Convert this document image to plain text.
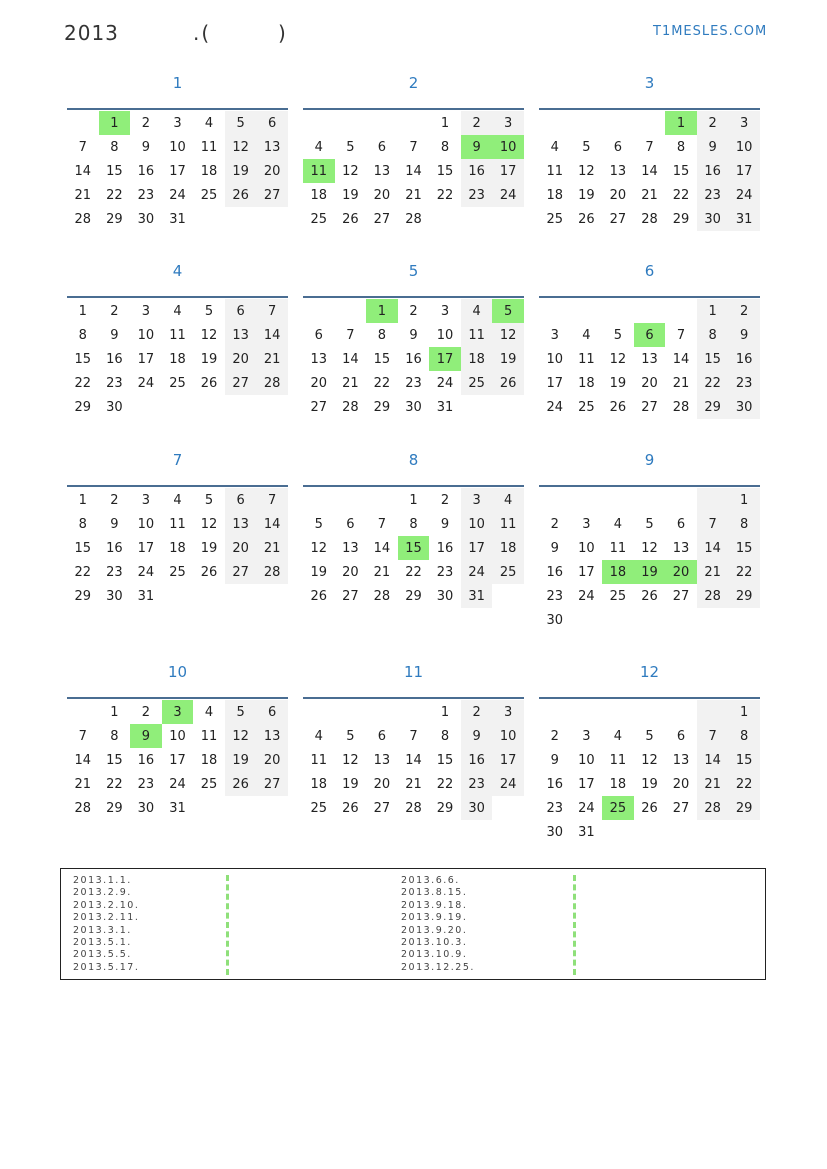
2013	.(        )	T1MESLES.COM
1
	1	2	3	4	5	6
7	8	9	10	11	12	13
14	15	16	17	18	19	20
21	22	23	24	25	26	27
28	29	30	31			
2
				1	2	3
4	5	6	7	8	9	10
11	12	13	14	15	16	17
18	19	20	21	22	23	24
25	26	27	28			
3
				1	2	3
4	5	6	7	8	9	10
11	12	13	14	15	16	17
18	19	20	21	22	23	24
25	26	27	28	29	30	31
4
1	2	3	4	5	6	7
8	9	10	11	12	13	14
15	16	17	18	19	20	21
22	23	24	25	26	27	28
29	30					
5
		1	2	3	4	5
6	7	8	9	10	11	12
13	14	15	16	17	18	19
20	21	22	23	24	25	26
27	28	29	30	31		
6
					1	2
3	4	5	6	7	8	9
10	11	12	13	14	15	16
17	18	19	20	21	22	23
24	25	26	27	28	29	30
7
1	2	3	4	5	6	7
8	9	10	11	12	13	14
15	16	17	18	19	20	21
22	23	24	25	26	27	28
29	30	31				
8
			1	2	3	4
5	6	7	8	9	10	11
12	13	14	15	16	17	18
19	20	21	22	23	24	25
26	27	28	29	30	31	
9
						1
2	3	4	5	6	7	8
9	10	11	12	13	14	15
16	17	18	19	20	21	22
23	24	25	26	27	28	29
30						
10
	1	2	3	4	5	6
7	8	9	10	11	12	13
14	15	16	17	18	19	20
21	22	23	24	25	26	27
28	29	30	31			
11
				1	2	3
4	5	6	7	8	9	10
11	12	13	14	15	16	17
18	19	20	21	22	23	24
25	26	27	28	29	30	
12
						1
2	3	4	5	6	7	8
9	10	11	12	13	14	15
16	17	18	19	20	21	22
23	24	25	26	27	28	29
30	31					
2013.1.1.
2013.2.9.
2013.2.10.
2013.2.11.
2013.3.1.
2013.5.1.
2013.5.5.
2013.5.17.
2013.6.6.
2013.8.15.
2013.9.18.
2013.9.19.
2013.9.20.
2013.10.3.
2013.10.9.
2013.12.25.
